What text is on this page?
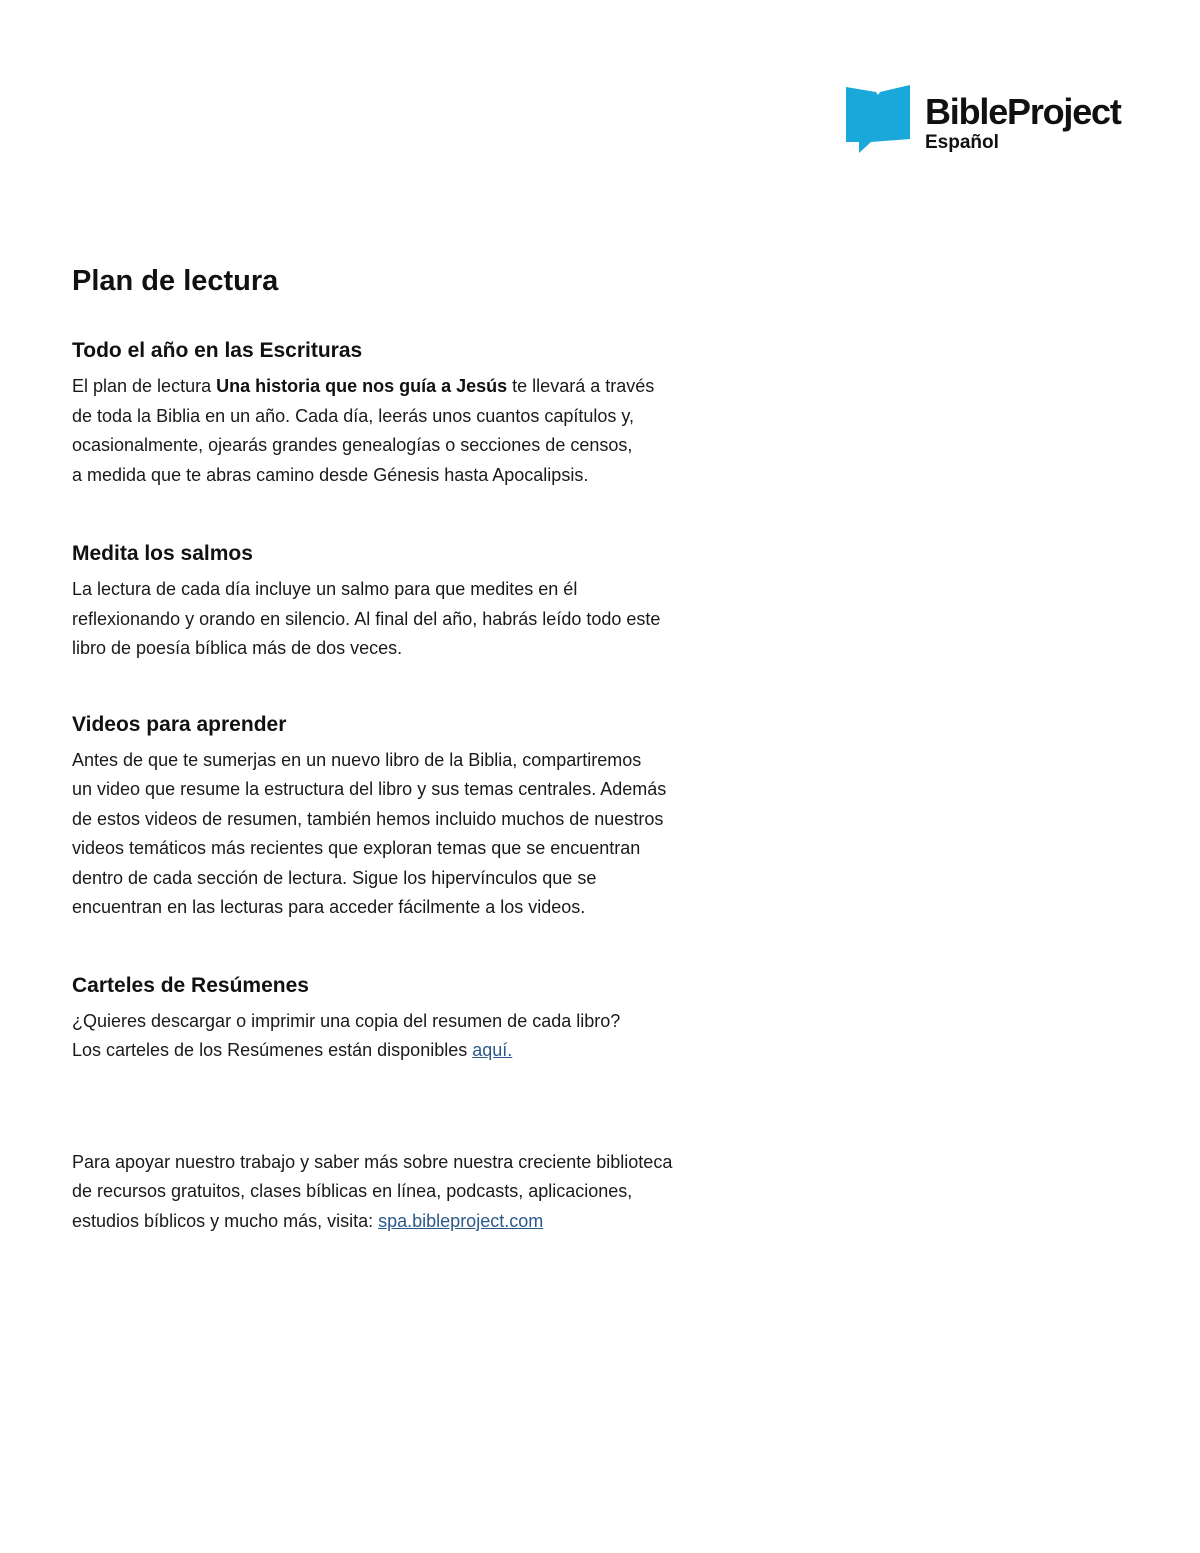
BibleProject
Español
Plan de lectura
Todo el año en las Escrituras

El plan de lectura Una historia que nos guía a Jesús te llevará a través
de toda la Biblia en un año. Cada día, leerás unos cuantos capítulos y,
ocasionalmente, ojearás grandes genealogías o secciones de censos,
a medida que te abras camino desde Génesis hasta Apocalipsis.

Medita los salmos

La lectura de cada día incluye un salmo para que medites en él
reflexionando y orando en silencio. Al final del año, habrás leído todo este
libro de poesía bíblica más de dos veces.

Videos para aprender

Antes de que te sumerjas en un nuevo libro de la Biblia, compartiremos
un video que resume la estructura del libro y sus temas centrales. Además
de estos videos de resumen, también hemos incluido muchos de nuestros
videos temáticos más recientes que exploran temas que se encuentran
dentro de cada sección de lectura. Sigue los hipervínculos que se
encuentran en las lecturas para acceder fácilmente a los videos.

Carteles de Resúmenes

¿Quieres descargar o imprimir una copia del resumen de cada libro?
Los carteles de los Resúmenes están disponibles aquí.

Para apoyar nuestro trabajo y saber más sobre nuestra creciente biblioteca
de recursos gratuitos, clases bíblicas en línea, podcasts, aplicaciones,
estudios bíblicos y mucho más, visita: spa.bibleproject.com
